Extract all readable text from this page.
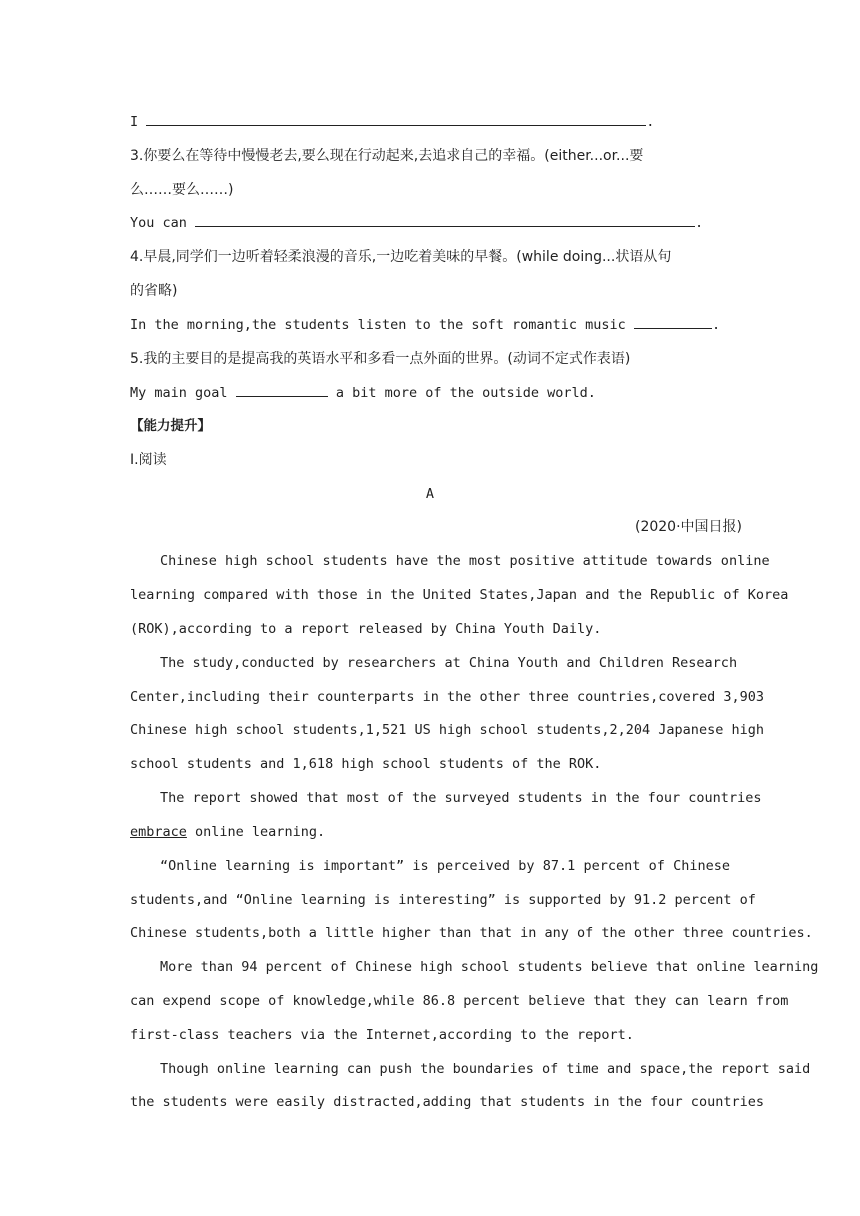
I	.
3.你要么在等待中慢慢老去,要么现在行动起来,去追求自己的幸福。(either...or...要
么……要么……)
You can	.
4.早晨,同学们一边听着轻柔浪漫的音乐,一边吃着美味的早餐。(while doing...状语从句
的省略)
In the morning,the students listen to the soft romantic music	.
5.我的主要目的是提高我的英语水平和多看一点外面的世界。(动词不定式作表语)
My main goal	a bit more of the outside world.
【能力提升】
Ⅰ.阅读
A
(2020·中国日报)
Chinese high school students have the most positive attitude towards online
learning compared with those in the United States,Japan and the Republic of Korea
(ROK),according to a report released by China Youth Daily.
The study,conducted by researchers at China Youth and Children Research
Center,including their counterparts in the other three countries,covered 3,903
Chinese high school students,1,521 US high school students,2,204 Japanese high
school students and 1,618 high school students of the ROK.
The report showed that most of the surveyed students in the four countries
embrace online learning.
“Online learning is important” is perceived by 87.1 percent of Chinese
students,and “Online learning is interesting” is supported by 91.2 percent of
Chinese students,both a little higher than that in any of the other three countries.
More than 94 percent of Chinese high school students believe that online learning
can expend scope of knowledge,while 86.8 percent believe that they can learn from
first-class teachers via the Internet,according to the report.
Though online learning can push the boundaries of time and space,the report said
the students were easily distracted,adding that students in the four countries
